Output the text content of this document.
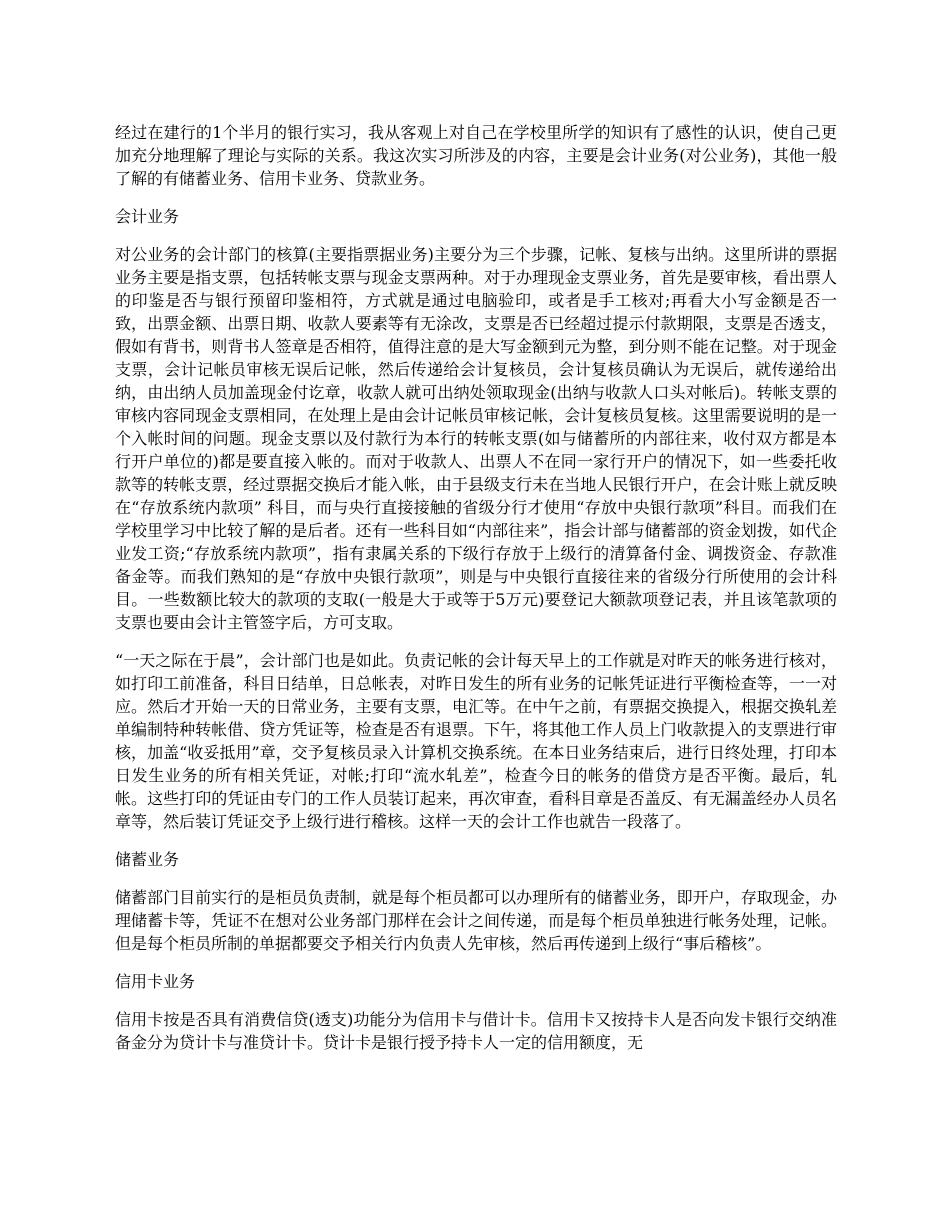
经过在建行的1个半月的银行实习，我从客观上对自己在学校里所学的知识有了感性的认识，使自己更加充分地理解了理论与实际的关系。我这次实习所涉及的内容，主要是会计业务(对公业务)，其他一般了解的有储蓄业务、信用卡业务、贷款业务。

会计业务

对公业务的会计部门的核算(主要指票据业务)主要分为三个步骤，记帐、复核与出纳。这里所讲的票据业务主要是指支票，包括转帐支票与现金支票两种。对于办理现金支票业务，首先是要审核，看出票人的印鉴是否与银行预留印鉴相符，方式就是通过电脑验印，或者是手工核对;再看大小写金额是否一致，出票金额、出票日期、收款人要素等有无涂改，支票是否已经超过提示付款期限，支票是否透支，假如有背书，则背书人签章是否相符，值得注意的是大写金额到元为整，到分则不能在记整。对于现金支票，会计记帐员审核无误后记帐，然后传递给会计复核员，会计复核员确认为无误后，就传递给出纳，由出纳人员加盖现金付讫章，收款人就可出纳处领取现金(出纳与收款人口头对帐后)。转帐支票的审核内容同现金支票相同，在处理上是由会计记帐员审核记帐，会计复核员复核。这里需要说明的是一个入帐时间的问题。现金支票以及付款行为本行的转帐支票(如与储蓄所的内部往来，收付双方都是本行开户单位的)都是要直接入帐的。而对于收款人、出票人不在同一家行开户的情况下，如一些委托收款等的转帐支票，经过票据交换后才能入帐，由于县级支行未在当地人民银行开户，在会计账上就反映在“存放系统内款项” 科目，而与央行直接接触的省级分行才使用“存放中央银行款项”科目。而我们在学校里学习中比较了解的是后者。还有一些科目如“内部往来”，指会计部与储蓄部的资金划拨，如代企业发工资;“存放系统内款项”，指有隶属关系的下级行存放于上级行的清算备付金、调拨资金、存款准备金等。而我们熟知的是“存放中央银行款项”，则是与中央银行直接往来的省级分行所使用的会计科目。一些数额比较大的款项的支取(一般是大于或等于5万元)要登记大额款项登记表，并且该笔款项的支票也要由会计主管签字后，方可支取。

“一天之际在于晨”，会计部门也是如此。负责记帐的会计每天早上的工作就是对昨天的帐务进行核对，如打印工前准备，科目日结单，日总帐表，对昨日发生的所有业务的记帐凭证进行平衡检查等，一一对应。然后才开始一天的日常业务，主要有支票，电汇等。在中午之前，有票据交换提入，根据交换轧差单编制特种转帐借、贷方凭证等，检查是否有退票。下午，将其他工作人员上门收款提入的支票进行审核，加盖“收妥抵用”章，交予复核员录入计算机交换系统。在本日业务结束后，进行日终处理，打印本日发生业务的所有相关凭证，对帐;打印“流水轧差”，检查今日的帐务的借贷方是否平衡。最后，轧帐。这些打印的凭证由专门的工作人员装订起来，再次审查，看科目章是否盖反、有无漏盖经办人员名章等，然后装订凭证交予上级行进行稽核。这样一天的会计工作也就告一段落了。

储蓄业务

储蓄部门目前实行的是柜员负责制，就是每个柜员都可以办理所有的储蓄业务，即开户，存取现金，办理储蓄卡等，凭证不在想对公业务部门那样在会计之间传递，而是每个柜员单独进行帐务处理，记帐。但是每个柜员所制的单据都要交予相关行内负责人先审核，然后再传递到上级行“事后稽核”。

信用卡业务

信用卡按是否具有消费信贷(透支)功能分为信用卡与借计卡。信用卡又按持卡人是否向发卡银行交纳准备金分为贷计卡与准贷计卡。贷计卡是银行授予持卡人一定的信用额度，无
